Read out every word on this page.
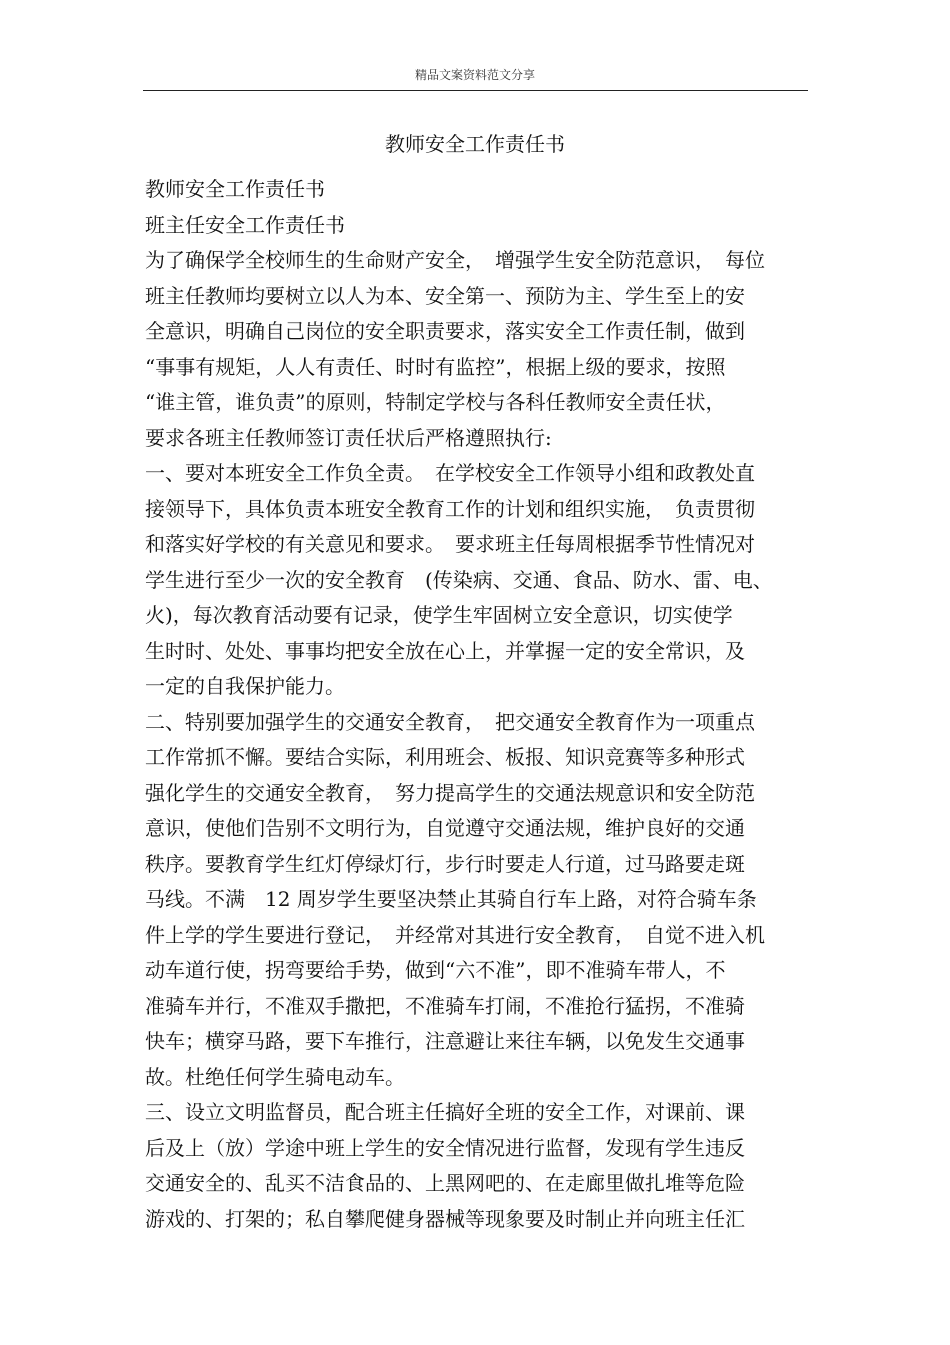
精品文案资料范文分享
教师安全工作责任书
教师安全工作责任书
班主任安全工作责任书
为了确保学全校师生的生命财产安全，　增强学生安全防范意识，　每位
班主任教师均要树立以人为本、安全第一、预防为主、学生至上的安
全意识，明确自己岗位的安全职责要求，落实安全工作责任制，做到
“事事有规矩，人人有责任、时时有监控”，根据上级的要求，按照
“谁主管，谁负责”的原则，特制定学校与各科任教师安全责任状，
要求各班主任教师签订责任状后严格遵照执行:
一、要对本班安全工作负全责。　在学校安全工作领导小组和政教处直
接领导下，具体负责本班安全教育工作的计划和组织实施，　负责贯彻
和落实好学校的有关意见和要求。　要求班主任每周根据季节性情况对
学生进行至少一次的安全教育　(传染病、交通、食品、防水、雷、电、
火)，每次教育活动要有记录，使学生牢固树立安全意识，切实使学
生时时、处处、事事均把安全放在心上，并掌握一定的安全常识，及
一定的自我保护能力。
二、特别要加强学生的交通安全教育，　把交通安全教育作为一项重点
工作常抓不懈。要结合实际，利用班会、板报、知识竞赛等多种形式
强化学生的交通安全教育，　努力提高学生的交通法规意识和安全防范
意识，使他们告别不文明行为，自觉遵守交通法规，维护良好的交通
秩序。要教育学生红灯停绿灯行，步行时要走人行道，过马路要走斑
马线。不满　12 周岁学生要坚决禁止其骑自行车上路，对符合骑车条
件上学的学生要进行登记，　并经常对其进行安全教育，　自觉不进入机
动车道行使，拐弯要给手势，做到“六不准”，即不准骑车带人，不
准骑车并行，不准双手撒把，不准骑车打闹，不准抢行猛拐，不准骑
快车；横穿马路，要下车推行，注意避让来往车辆，以免发生交通事
故。杜绝任何学生骑电动车。
三、设立文明监督员，配合班主任搞好全班的安全工作，对课前、课
后及上（放）学途中班上学生的安全情况进行监督，发现有学生违反
交通安全的、乱买不洁食品的、上黑网吧的、在走廊里做扎堆等危险
游戏的、打架的；私自攀爬健身器械等现象要及时制止并向班主任汇
